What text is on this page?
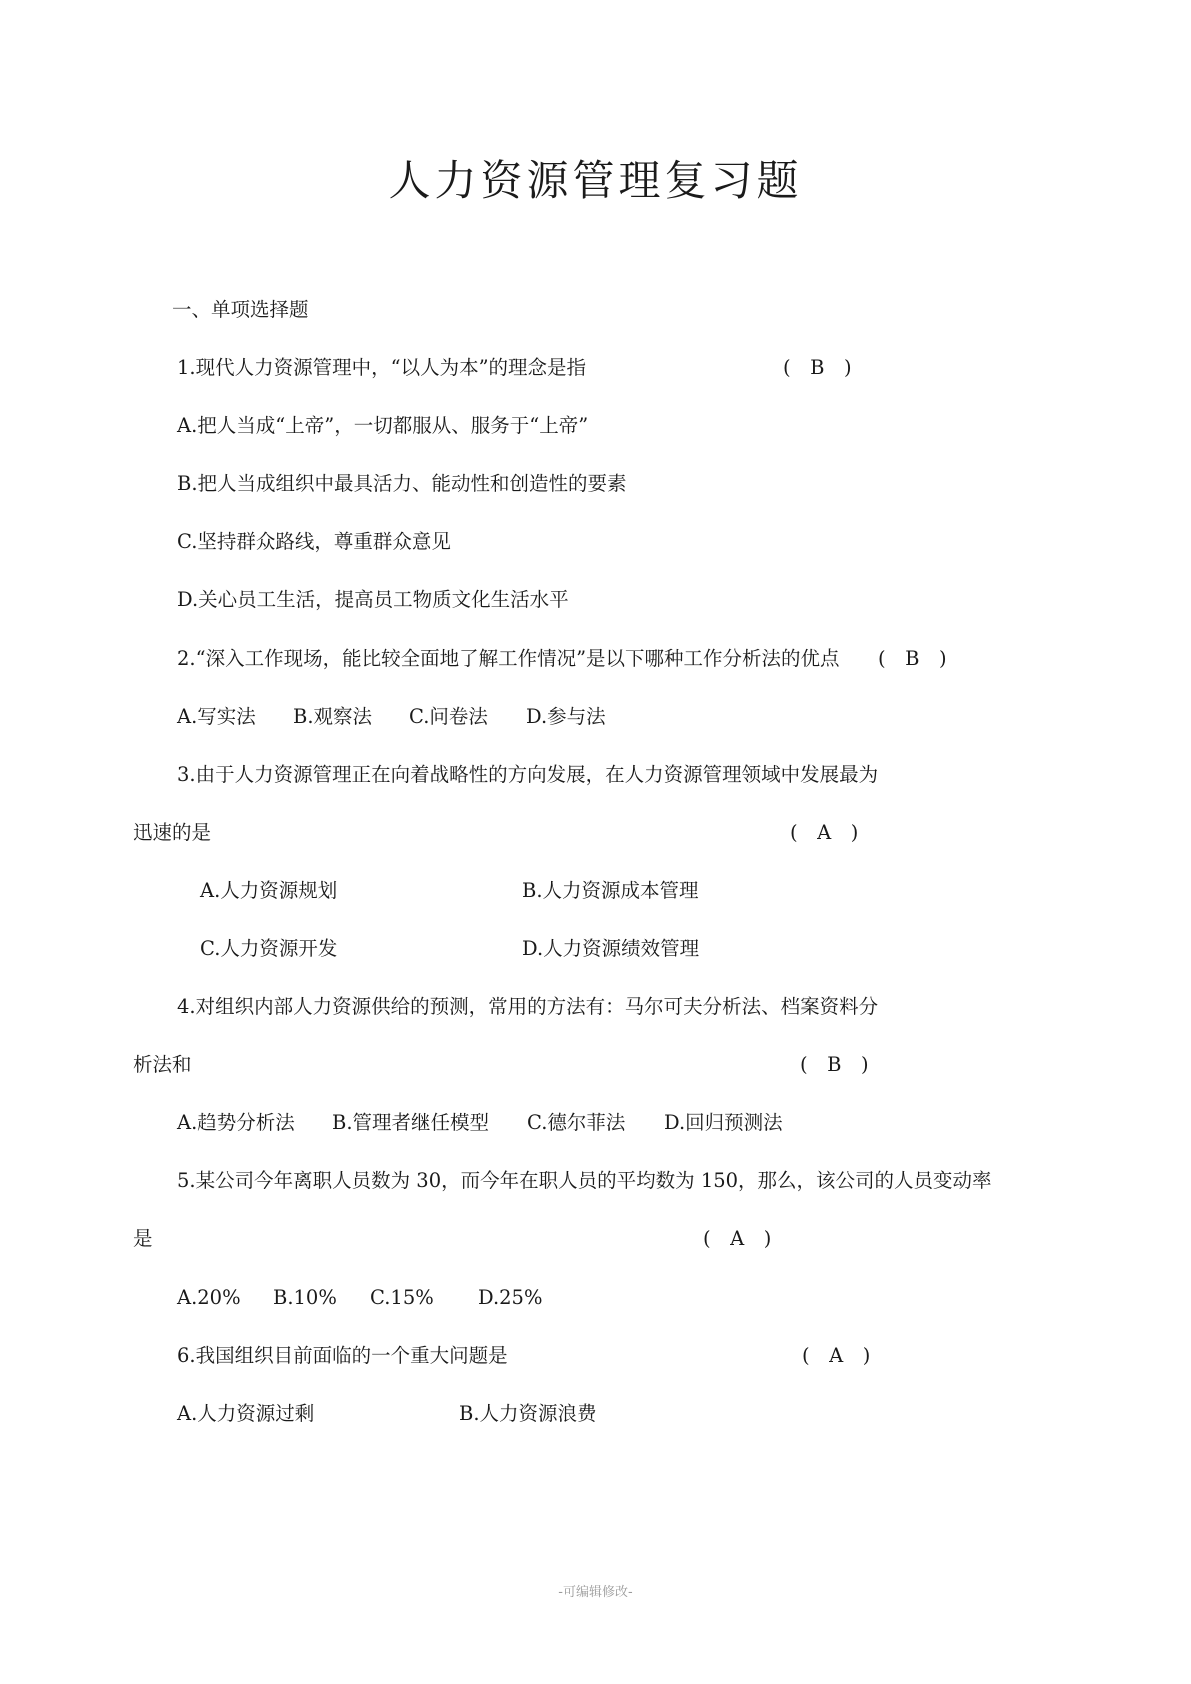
人力资源管理复习题
一、单项选择题
1.现代人力资源管理中，“以人为本”的理念是指	(　B　)
A.把人当成“上帝”，一切都服从、服务于“上帝”
B.把人当成组织中最具活力、能动性和创造性的要素
C.坚持群众路线，尊重群众意见
D.关心员工生活，提高员工物质文化生活水平
2.“深入工作现场，能比较全面地了解工作情况”是以下哪种工作分析法的优点 (　B　)
A.写实法 B.观察法 C.问卷法 D.参与法
3.由于人力资源管理正在向着战略性的方向发展，在人力资源管理领域中发展最为
迅速的是	(　A　)
A.人力资源规划	B.人力资源成本管理
C.人力资源开发	D.人力资源绩效管理
4.对组织内部人力资源供给的预测，常用的方法有：马尔可夫分析法、档案资料分
析法和	(　B　)
A.趋势分析法 B.管理者继任模型 C.德尔菲法 D.回归预测法
5.某公司今年离职人员数为 30，而今年在职人员的平均数为 150，那么，该公司的人员变动率
是	(　A　)
A.20% B.10% C.15% D.25%
6.我国组织目前面临的一个重大问题是	(　A　)
A.人力资源过剩	B.人力资源浪费
-可编辑修改-
